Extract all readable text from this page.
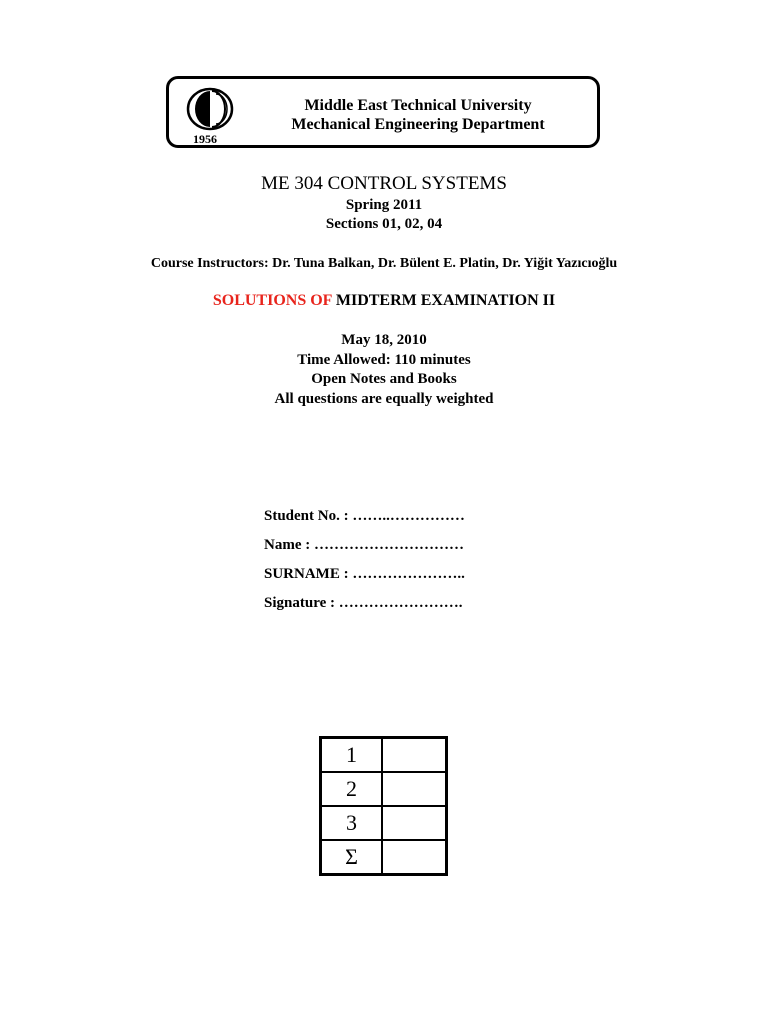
1956
Middle East Technical University
Mechanical Engineering Department
ME 304 CONTROL SYSTEMS
Spring 2011
Sections 01, 02, 04
Course Instructors: Dr. Tuna Balkan, Dr. Bülent E. Platin, Dr. Yiğit Yazıcıoğlu
SOLUTIONS OF MIDTERM EXAMINATION II
May 18, 2010
Time Allowed: 110 minutes
Open Notes and Books
All questions are equally weighted
Student No. : ……..……………
Name : …………………………
SURNAME : …………………..
Signature : …………………….
1	
2	
3	
Σ	
